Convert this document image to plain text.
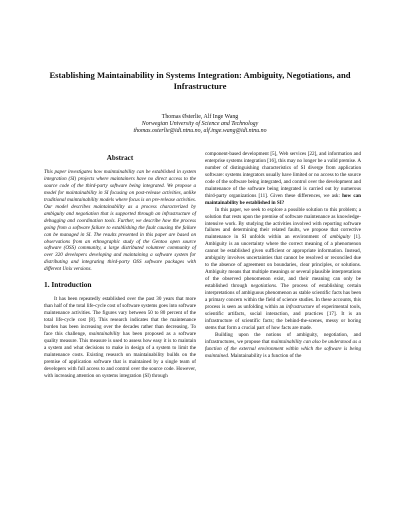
Establishing Maintainability in Systems Integration: Ambiguity, Negotiations, and Infrastructure
Thomas Østerlie, Alf Inge Wang
Norwegian University of Science and Technology
thomas.osterlie@idi.ntnu.no, alf.inge.wang@idi.ntnu.no
Abstract
This paper investigates how maintainability can be established in system integration (SI) projects where maintainers have no direct access to the source code of the third-party software being integrated. We propose a model for maintainability in SI focusing on post-release activities, unlike traditional maintainability models where focus is on pre-release activities. Our model describes maintainability as a process characterized by ambiguity and negotiation that is supported through an infrastructure of debugging and coordination tools. Further, we describe how the process going from a software failure to establishing the fault causing the failure can be managed in SI. The results presented in this paper are based on observations from an ethnographic study of the Gentoo open source software (OSS) community, a large distributed volunteer community of over 320 developers developing and maintaining a software system for distributing and integrating third-party OSS software packages with different Unix versions.
1. Introduction

It has been repeatedly established over the past 30 years that more than half of the total life-cycle cost of software systems goes into software maintenance activities. The figures vary between 50 to 80 percent of the total life-cycle cost [8]. This research indicates that the maintenance burden has been increasing over the decades rather than decreasing. To face this challenge, maintainability has been proposed as a software quality measure. This measure is used to assess how easy it is to maintain a system and what decisions to make in design of a system to limit the maintenance costs. Existing research on maintainability builds on the premise of application software that is maintained by a single team of developers with full access to and control over the source code. However, with increasing attention on systems integration (SI) through

component-based development [5], Web services [22], and information and enterprise systems integration [16], this may no longer be a valid premise. A number of distinguishing characteristics of SI diverge from application software: systems integrators usually have limited or no access to the source code of the software being integrated, and control over the development and maintenance of the software being integrated is carried out by numerous third-party organizations [11]. Given these differences, we ask: how can maintainability be established in SI?

In this paper, we seek to explore a possible solution to this problem; a solution that rests upon the premise of software maintenance as knowledge-intensive work. By studying the activities involved with reporting software failures and determining their related faults, we propose that corrective maintenance in SI unfolds within an environment of ambiguity [1]. Ambiguity is an uncertainty where the correct meaning of a phenomenon cannot be established given sufficient or appropriate information. Instead, ambiguity involves uncertainties that cannot be resolved or reconciled due to the absence of agreement on boundaries, clear principles, or solutions. Ambiguity means that multiple meanings or several plausible interpretations of the observed phenomenon exist, and their meaning can only be established through negotiations. The process of establishing certain interpretations of ambiguous phenomenon as stable scientific facts has been a primary concern within the field of science studies. In these accounts, this process is seen as unfolding within an infrastructure of experimental tools, scientific artifacts, social interaction, and practices [17]. It is an infrastructure of scientific facts; the behind-the-scenes, messy or boring stems that form a crucial part of how facts are made.

Building upon the notions of ambiguity, negotiation, and infrastructures, we propose that maintainability can also be understood as a function of the external environment within which the software is being maintained. Maintainability is a function of the
